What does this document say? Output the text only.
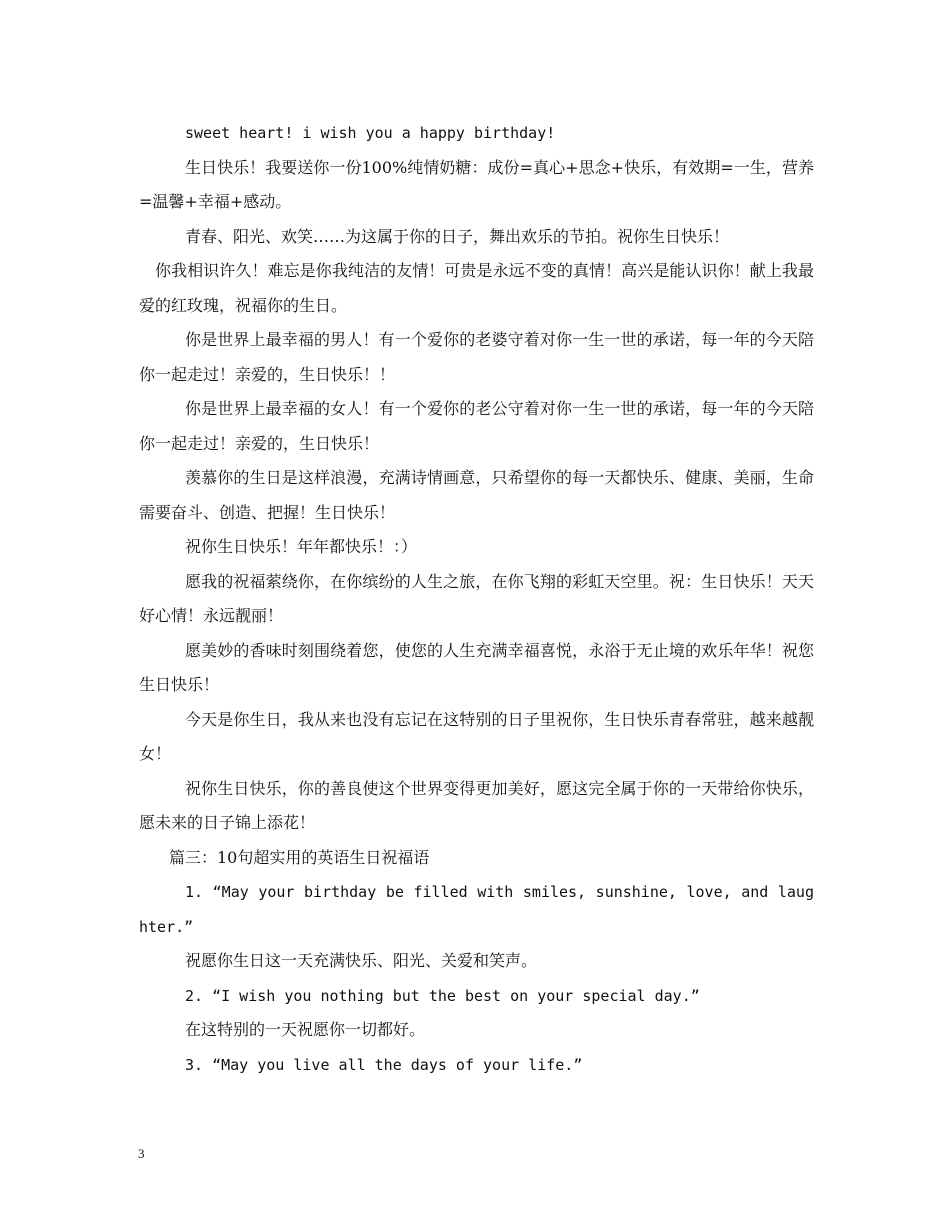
sweet heart! i wish you a happy birthday!

生日快乐！我要送你一份100%纯情奶糖：成份=真心+思念+快乐，有效期=一生，营养=温馨+幸福+感动。

青春、阳光、欢笑……为这属于你的日子，舞出欢乐的节拍。祝你生日快乐！

你我相识许久！难忘是你我纯洁的友情！可贵是永远不变的真情！高兴是能认识你！献上我最爱的红玫瑰，祝福你的生日。

你是世界上最幸福的男人！有一个爱你的老婆守着对你一生一世的承诺，每一年的今天陪你一起走过！亲爱的，生日快乐！！

你是世界上最幸福的女人！有一个爱你的老公守着对你一生一世的承诺，每一年的今天陪你一起走过！亲爱的，生日快乐！

羡慕你的生日是这样浪漫，充满诗情画意，只希望你的每一天都快乐、健康、美丽，生命需要奋斗、创造、把握！生日快乐！

祝你生日快乐！年年都快乐！：）

愿我的祝福萦绕你，在你缤纷的人生之旅，在你飞翔的彩虹天空里。祝：生日快乐！天天好心情！永远靓丽！

愿美妙的香味时刻围绕着您，使您的人生充满幸福喜悦，永浴于无止境的欢乐年华！祝您生日快乐！

今天是你生日，我从来也没有忘记在这特别的日子里祝你，生日快乐青春常驻，越来越靓女！

祝你生日快乐，你的善良使这个世界变得更加美好，愿这完全属于你的一天带给你快乐，愿未来的日子锦上添花！

篇三：10句超实用的英语生日祝福语

1. “May your birthday be filled with smiles, sunshine, love, and laughter.”

祝愿你生日这一天充满快乐、阳光、关爱和笑声。

2. “I wish you nothing but the best on your special day.”

在这特别的一天祝愿你一切都好。

3. “May you live all the days of your life.”

3
